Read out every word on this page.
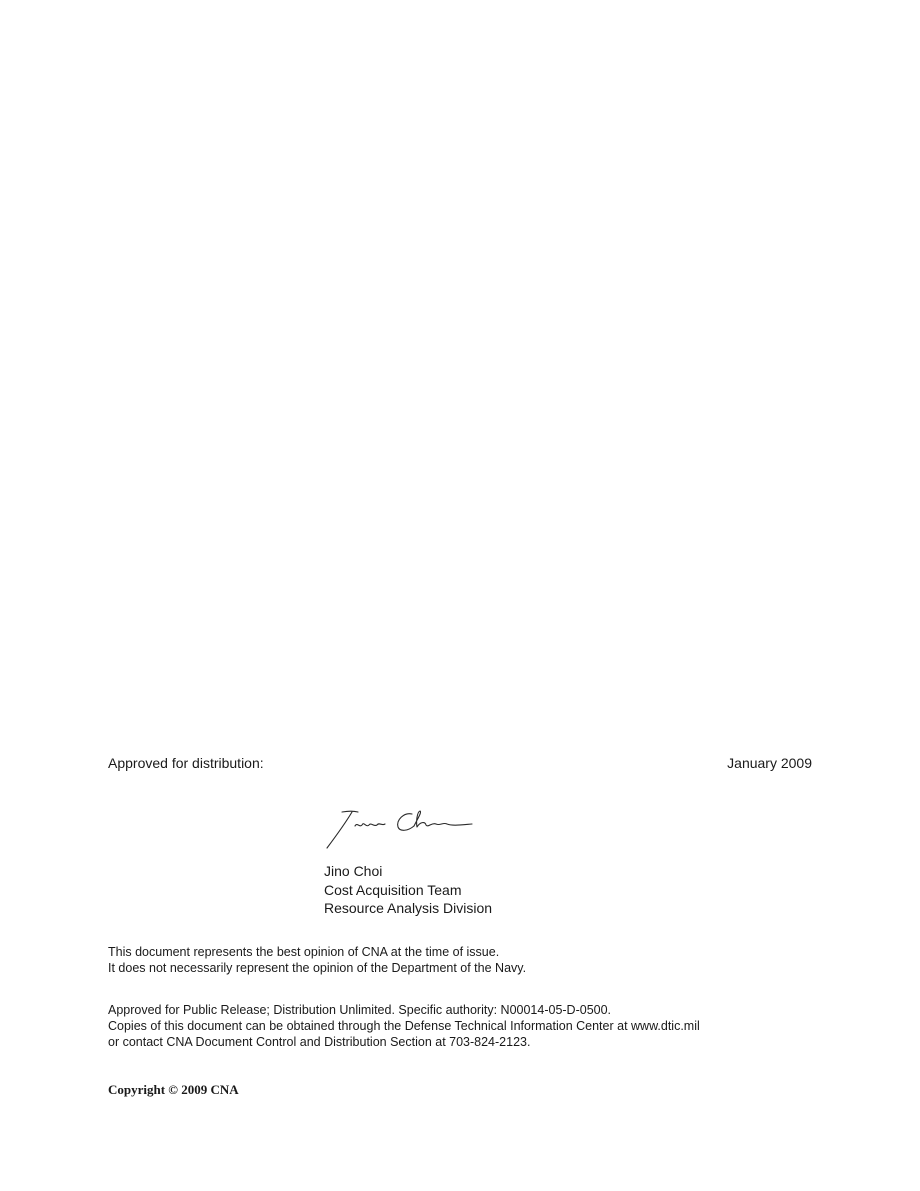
Approved for distribution:	January 2009
Jino Choi
Cost Acquisition Team
Resource Analysis Division
This document represents the best opinion of CNA at the time of issue.
It does not necessarily represent the opinion of the Department of the Navy.
Approved for Public Release; Distribution Unlimited. Specific authority: N00014-05-D-0500.
Copies of this document can be obtained through the Defense Technical Information Center at www.dtic.mil
or contact CNA Document Control and Distribution Section at 703-824-2123.
Copyright © 2009 CNA
